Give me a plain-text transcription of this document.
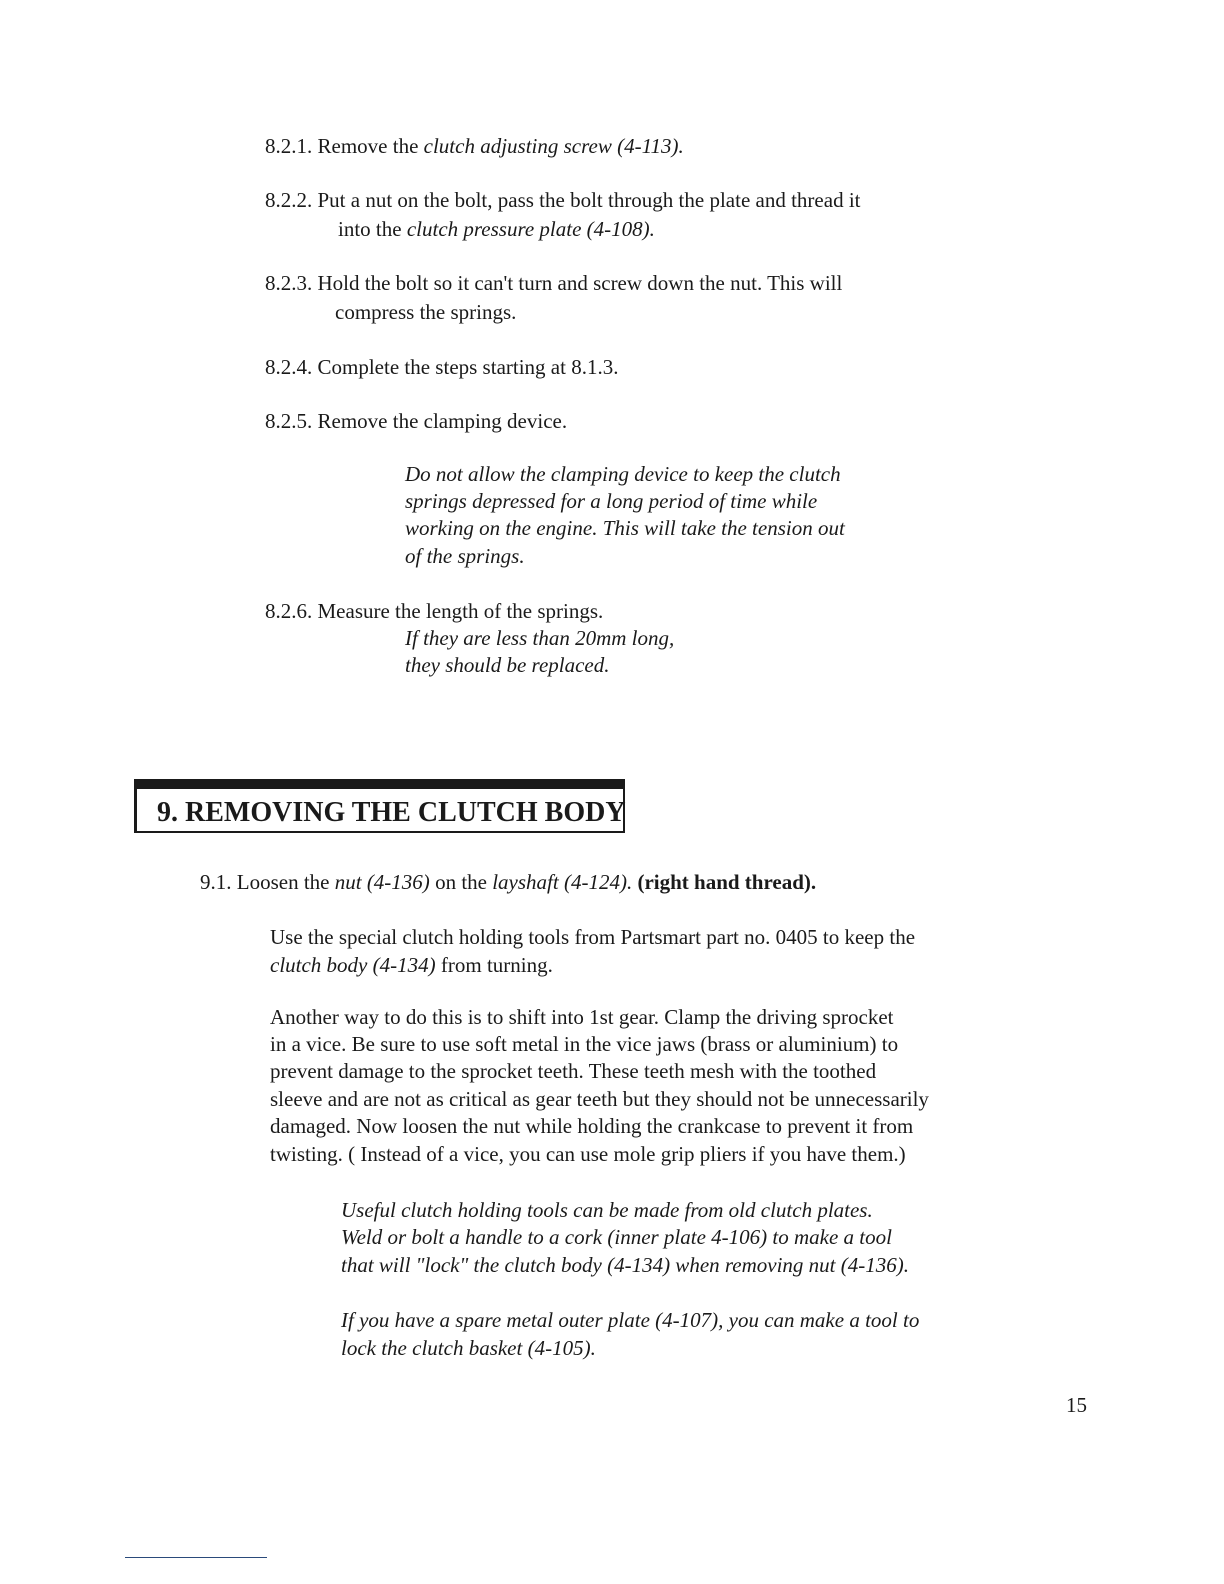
8.2.1. Remove the clutch adjusting screw (4-113).
8.2.2. Put a nut on the bolt, pass the bolt through the plate and thread it
into the clutch pressure plate (4-108).
8.2.3. Hold the bolt so it can't turn and screw down the nut. This will
compress the springs.
8.2.4. Complete the steps starting at 8.1.3.
8.2.5. Remove the clamping device.
Do not allow the clamping device to keep the clutch
springs depressed for a long period of time while
working on the engine. This will take the tension out
of the springs.
8.2.6. Measure the length of the springs.
If they are less than 20mm long,
they should be replaced.
9. REMOVING THE CLUTCH BODY
9.1. Loosen the nut (4-136) on the layshaft (4-124). (right hand thread).
Use the special clutch holding tools from Partsmart part no. 0405 to keep the
clutch body (4-134) from turning.
Another way to do this is to shift into 1st gear. Clamp the driving sprocket
in a vice. Be sure to use soft metal in the vice jaws (brass or aluminium) to
prevent damage to the sprocket teeth. These teeth mesh with the toothed
sleeve and are not as critical as gear teeth but they should not be unnecessarily
damaged. Now loosen the nut while holding the crankcase to prevent it from
twisting. ( Instead of a vice, you can use mole grip pliers if you have them.)
Useful clutch holding tools can be made from old clutch plates.
Weld or bolt a handle to a cork (inner plate 4-106) to make a tool
that will "lock" the clutch body (4-134) when removing nut (4-136).
If you have a spare metal outer plate (4-107), you can make a tool to
lock the clutch basket (4-105).
15
